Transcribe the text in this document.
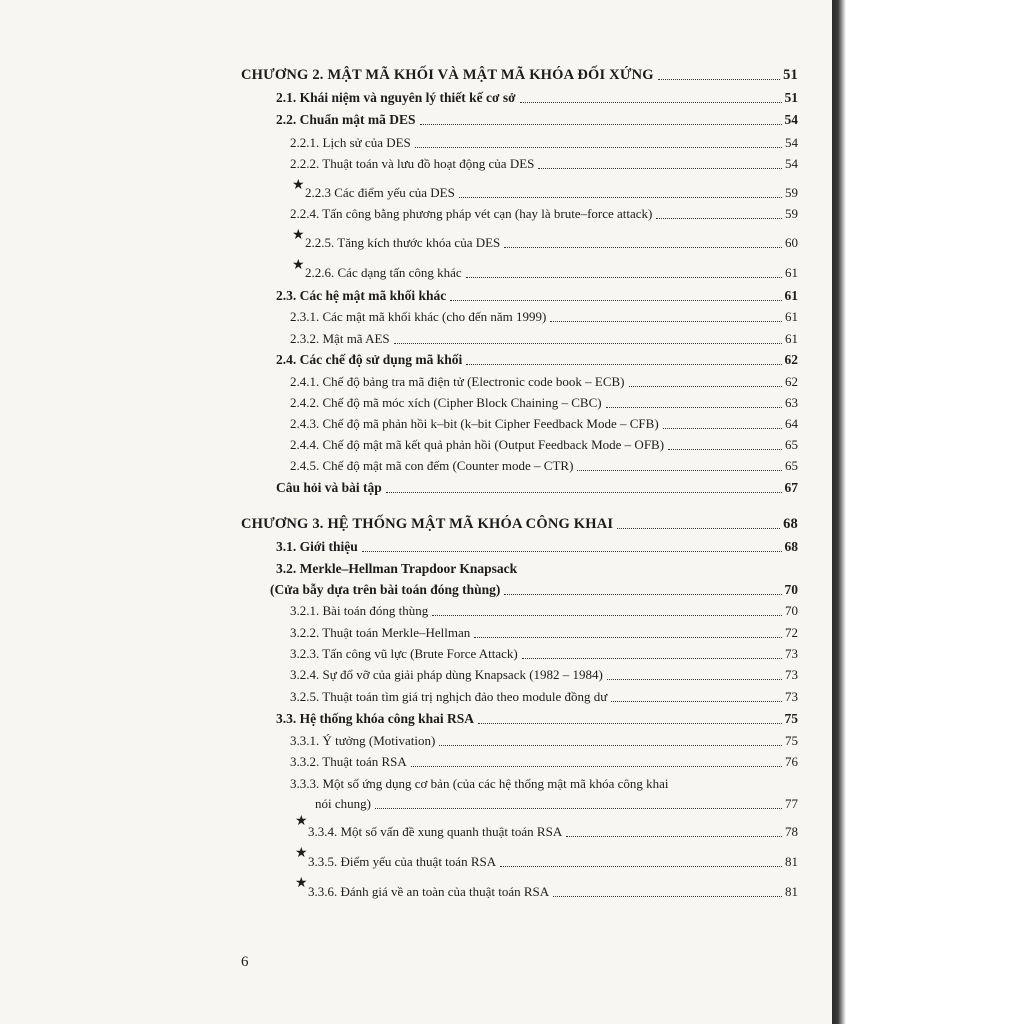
CHƯƠNG 2. MẬT MÃ KHỐI VÀ MẬT MÃ KHÓA ĐỐI XỨNG	51
2.1. Khái niệm và nguyên lý thiết kế cơ sở	51
2.2. Chuẩn mật mã DES	54
2.2.1. Lịch sử của DES	54
2.2.2. Thuật toán và lưu đồ hoạt động của DES	54
★ 2.2.3 Các điểm yếu của DES	59
2.2.4. Tấn công bằng phương pháp vét cạn (hay là brute–force attack)	59
★ 2.2.5. Tăng kích thước khóa của DES	60
★ 2.2.6. Các dạng tấn công khác	61
2.3. Các hệ mật mã khối khác	61
2.3.1. Các mật mã khối khác (cho đến năm 1999)	61
2.3.2. Mật mã AES	61
2.4. Các chế độ sử dụng mã khối	62
2.4.1. Chế độ bảng tra mã điện tử (Electronic code book – ECB)	62
2.4.2. Chế độ mã móc xích (Cipher Block Chaining – CBC)	63
2.4.3. Chế độ mã phản hồi k–bit (k–bit Cipher Feedback Mode – CFB)	64
2.4.4. Chế độ mật mã kết quả phản hồi (Output Feedback Mode – OFB)	65
2.4.5. Chế độ mật mã con đếm (Counter mode – CTR)	65
Câu hỏi và bài tập	67
CHƯƠNG 3. HỆ THỐNG MẬT MÃ KHÓA CÔNG KHAI	68
3.1. Giới thiệu	68
3.2. Merkle–Hellman Trapdoor Knapsack
(Cửa bẫy dựa trên bài toán đóng thùng)	70
3.2.1. Bài toán đóng thùng	70
3.2.2. Thuật toán Merkle–Hellman	72
3.2.3. Tấn công vũ lực (Brute Force Attack)	73
3.2.4. Sự đổ vỡ của giải pháp dùng Knapsack (1982 – 1984)	73
3.2.5. Thuật toán tìm giá trị nghịch đảo theo module đồng dư	73
3.3. Hệ thống khóa công khai RSA	75
3.3.1. Ý tưởng (Motivation)	75
3.3.2. Thuật toán RSA	76
3.3.3. Một số ứng dụng cơ bản (của các hệ thống mật mã khóa công khai
nói chung)	77
★
3.3.4. Một số vấn đề xung quanh thuật toán RSA	78
★
3.3.5. Điểm yếu của thuật toán RSA	81
★
3.3.6. Đánh giá về an toàn của thuật toán RSA	81
6
